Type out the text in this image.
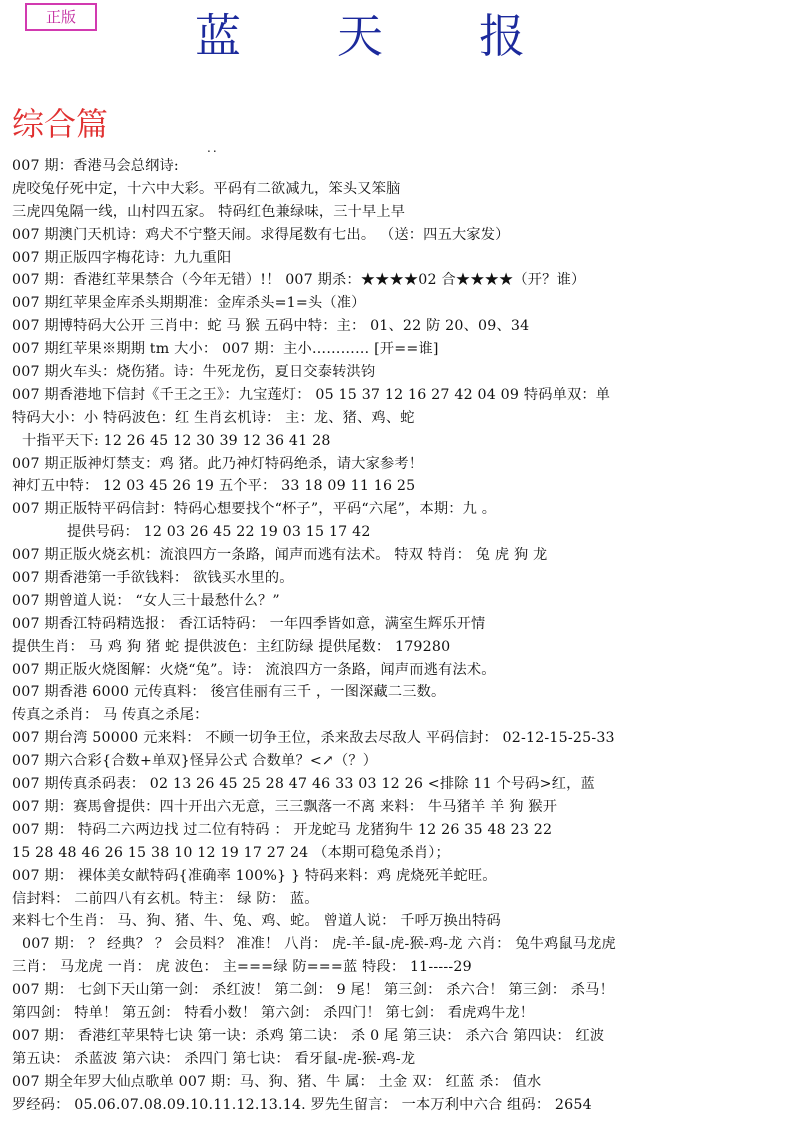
正版	蓝 天 报
综合篇
..
007 期：香港马会总纲诗:
虎咬兔仔死中定，十六中大彩。平码有二欲减九，笨头又笨脑
三虎四兔隔一线，山村四五家。 特码红色兼绿味，三十早上早
007 期澳门天机诗：鸡犬不宁整天闹。求得尾数有七出。 （送：四五大家发）
007 期正版四字梅花诗：九九重阳
007 期：香港红苹果禁合（今年无错）!！ 007 期杀：★★★★02 合★★★★（开？谁）
007 期红苹果金库杀头期期准：金库杀头=1=头（准）
007 期博特码大公开 三肖中：蛇 马 猴 五码中特：主： 01、22 防 20、09、34
007 期红苹果※期期 tm 大小： 007 期：主小………… [开==谁]
007 期火车头：烧伤猪。诗：牛死龙伤，夏日交泰转洪钧
007 期香港地下信封《千王之王》：九宝莲灯： 05 15 37 12 16 27 42 04 09 特码单双：单
特码大小：小 特码波色：红 生肖玄机诗： 主：龙、猪、鸡、蛇
十指平天下: 12 26 45 12 30 39 12 36 41 28
007 期正版神灯禁支：鸡 猪。此乃神灯特码绝杀，请大家参考！
神灯五中特： 12 03 45 26 19 五个平： 33 18 09 11 16 25
007 期正版特平码信封：特码心想要找个“杯子”，平码“六尾”，本期：九 。
提供号码： 12 03 26 45 22 19 03 15 17 42
007 期正版火烧玄机：流浪四方一条路，闻声而逃有法术。 特双 特肖： 兔 虎 狗 龙
007 期香港第一手欲钱料： 欲钱买水里的。
007 期曾道人说： “女人三十最愁什么？”
007 期香江特码精选报： 香江话特码： 一年四季皆如意，满室生辉乐开情
提供生肖： 马 鸡 狗 猪 蛇 提供波色：主红防绿 提供尾数： 179280
007 期正版火烧图解：火烧“兔”。诗： 流浪四方一条路，闻声而逃有法术。
007 期香港 6000 元传真料： 後宫佳丽有三千 ，一图深藏二三数。
传真之杀肖： 马 传真之杀尾：
007 期台湾 50000 元来料： 不顾一切争王位，杀来敌去尽敌人 平码信封： 02-12-15-25-33
007 期六合彩{合数+单双}怪异公式 合数单？<↗（？）
007 期传真杀码表： 02 13 26 45 25 28 47 46 33 03 12 26 <排除 11 个号码>红，蓝
007 期：赛馬會提供：四十开出六无意，三三飘落一不离 来料： 牛马猪羊 羊 狗 猴开
007 期： 特码二六两边找 过二位有特码 ： 开龙蛇马 龙猪狗牛 12 26 35 48 23 22
15 28 48 46 26 15 38 10 12 19 17 27 24 （本期可稳兔杀肖）；
007 期： 裸体美女献特码{准确率 100%} } 特码来料：鸡 虎烧死羊蛇旺。
信封料： 二前四八有玄机。特主： 绿 防： 蓝。
来料七个生肖： 马、狗、猪、牛、兔、鸡、蛇。 曾道人说： 千呼万换出特码
007 期： ？ 经典？ ？ 会员料？ 准准！ 八肖： 虎-羊-鼠-虎-猴-鸡-龙 六肖： 兔牛鸡鼠马龙虎
三肖： 马龙虎 一肖： 虎 波色： 主===绿 防===蓝 特段： 11-----29
007 期： 七剑下天山第一剑： 杀红波！ 第二剑： 9 尾！ 第三剑： 杀六合！ 第三剑： 杀马！
第四剑： 特单！ 第五剑： 特看小数！ 第六剑： 杀四门！ 第七剑： 看虎鸡牛龙！
007 期： 香港红苹果特七诀 第一诀：杀鸡 第二诀： 杀 0 尾 第三诀： 杀六合 第四诀： 红波
第五诀： 杀蓝波 第六诀： 杀四门 第七诀： 看牙鼠-虎-猴-鸡-龙
007 期全年罗大仙点歌单 007 期：马、狗、猪、牛 属： 土金 双： 红蓝 杀： 值水
罗经码： 05.06.07.08.09.10.11.12.13.14. 罗先生留言： 一本万利中六合 组码： 2654
